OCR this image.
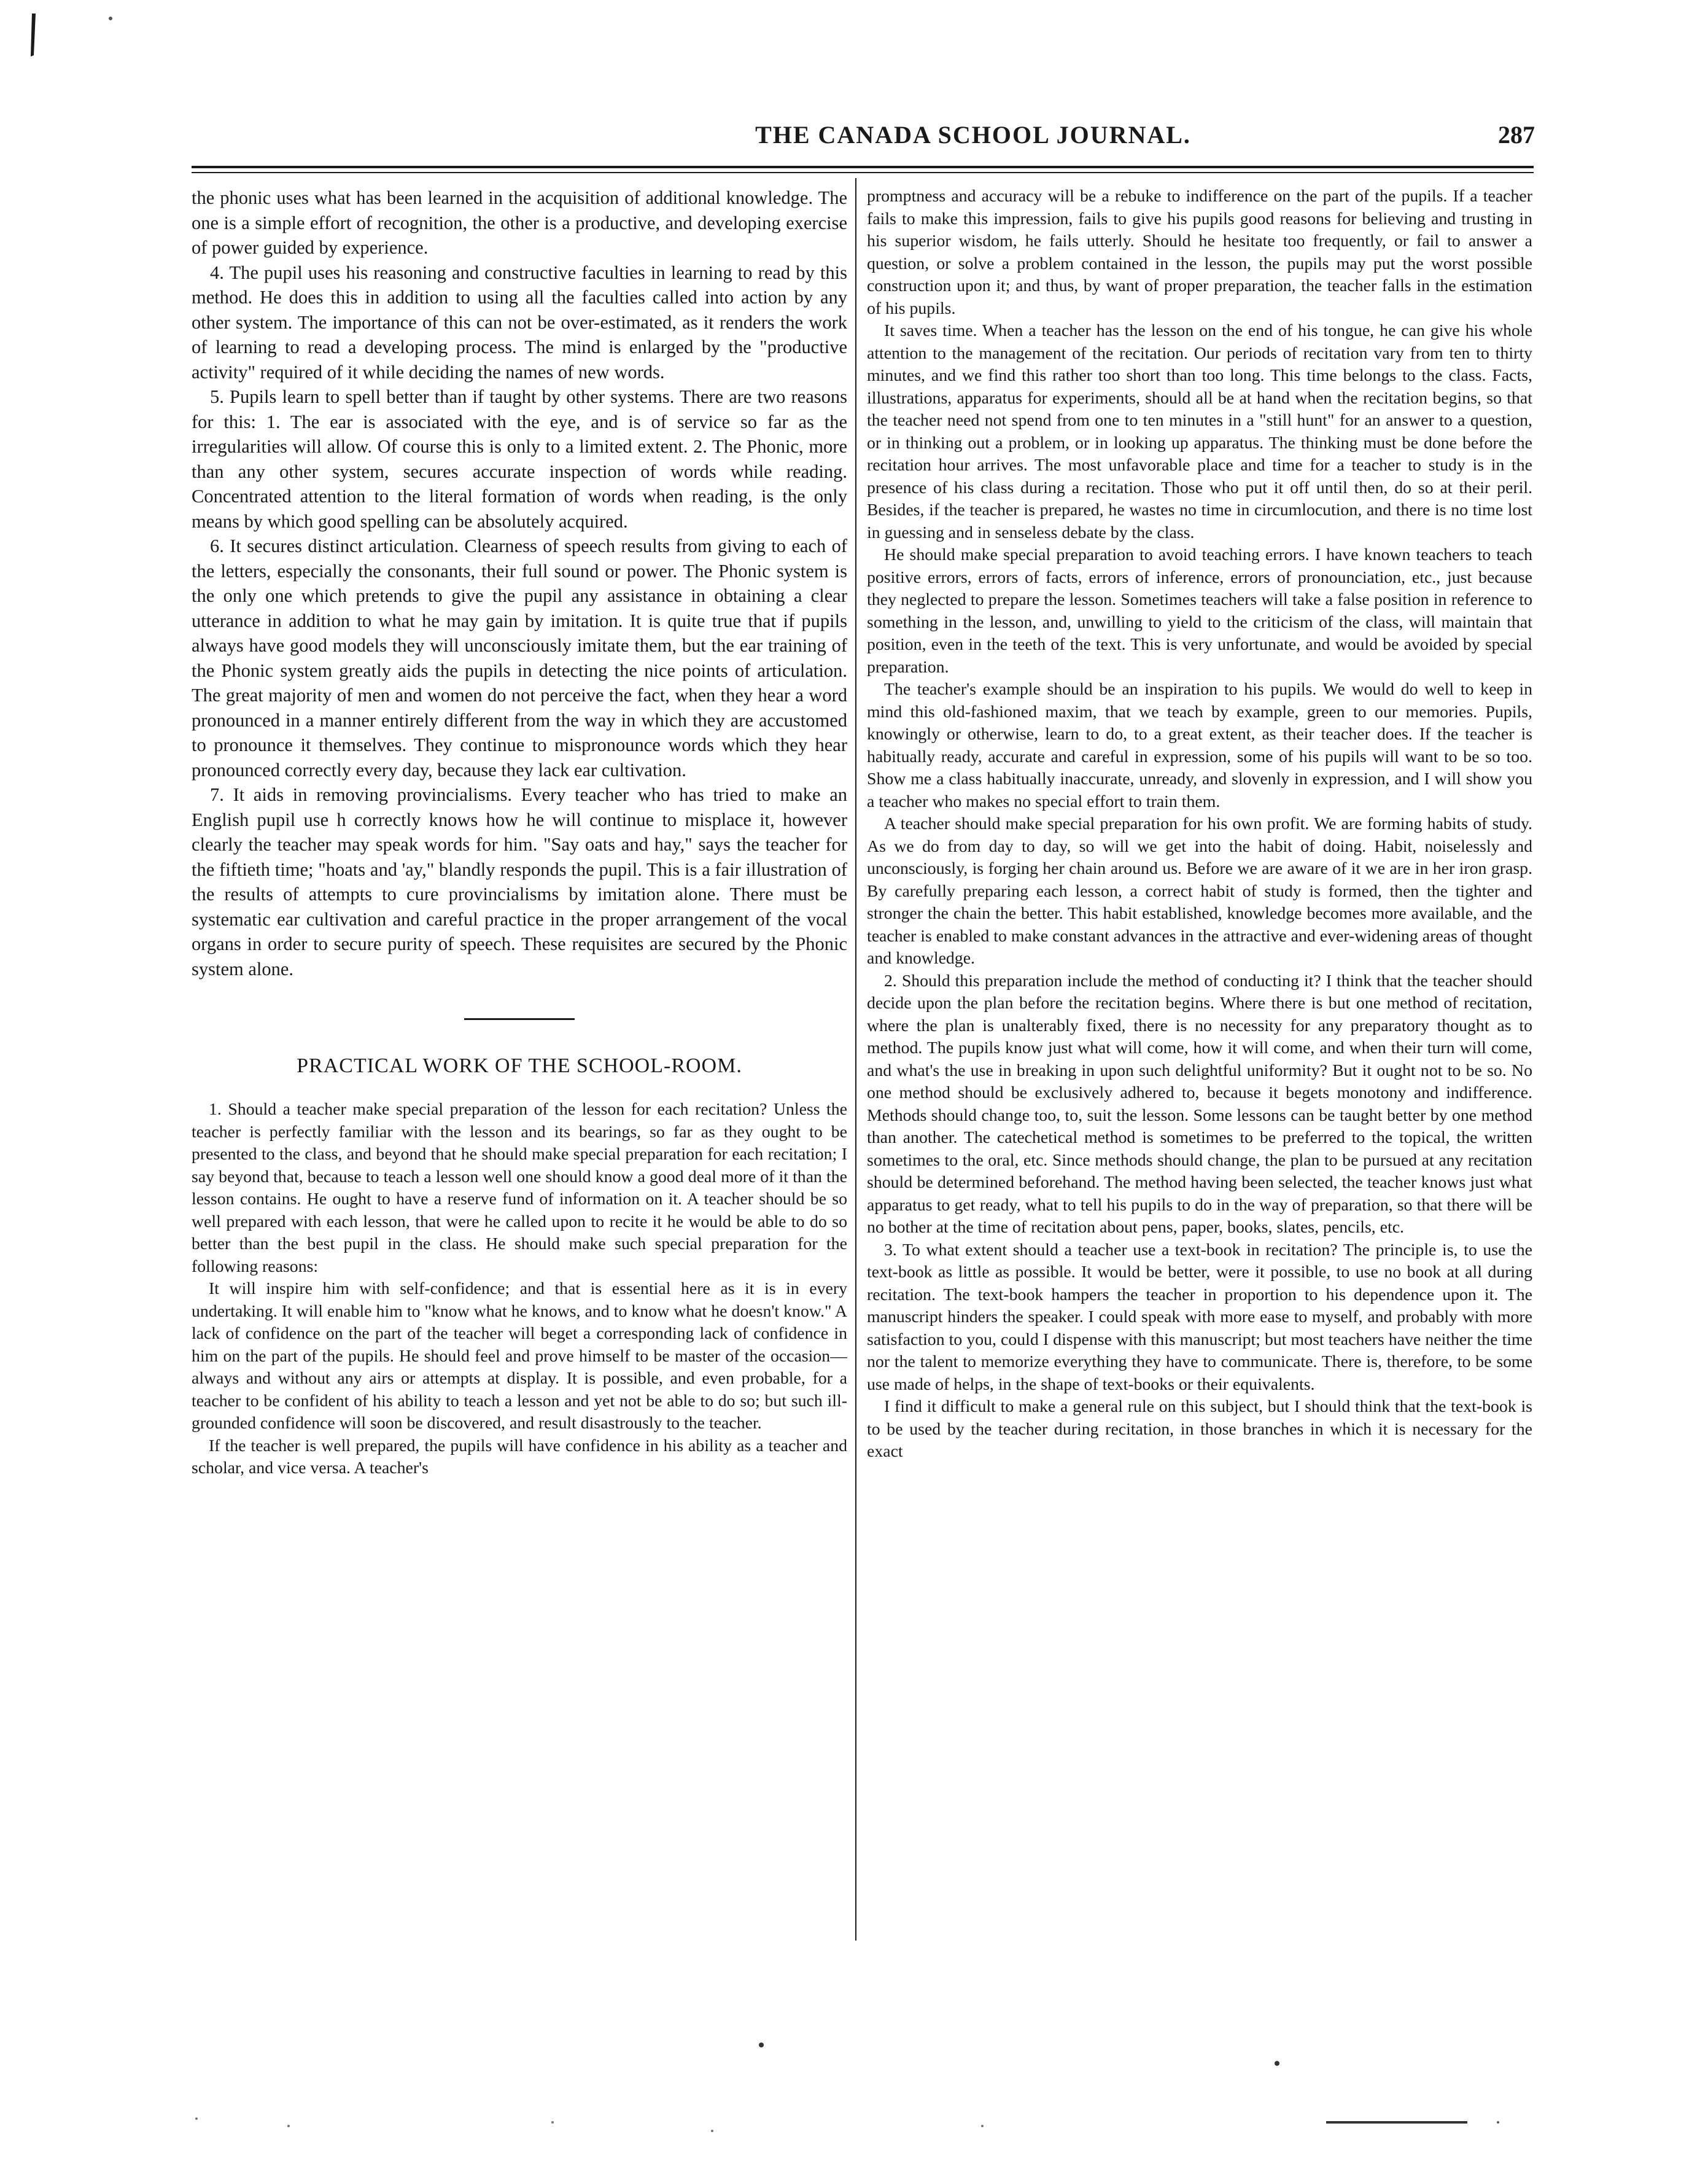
THE CANADA SCHOOL JOURNAL.	287

the phonic uses what has been learned in the acquisition of additional knowledge. The one is a simple effort of recognition, the other is a productive, and developing exercise of power guided by experience.

4. The pupil uses his reasoning and constructive faculties in learning to read by this method. He does this in addition to using all the faculties called into action by any other system. The importance of this can not be over-estimated, as it renders the work of learning to read a developing process. The mind is enlarged by the "productive activity" required of it while deciding the names of new words.

5. Pupils learn to spell better than if taught by other systems. There are two reasons for this: 1. The ear is associated with the eye, and is of service so far as the irregularities will allow. Of course this is only to a limited extent. 2. The Phonic, more than any other system, secures accurate inspection of words while reading. Concentrated attention to the literal formation of words when reading, is the only means by which good spelling can be absolutely acquired.

6. It secures distinct articulation. Clearness of speech results from giving to each of the letters, especially the consonants, their full sound or power. The Phonic system is the only one which pretends to give the pupil any assistance in obtaining a clear utterance in addition to what he may gain by imitation. It is quite true that if pupils always have good models they will unconsciously imitate them, but the ear training of the Phonic system greatly aids the pupils in detecting the nice points of articulation. The great majority of men and women do not perceive the fact, when they hear a word pronounced in a manner entirely different from the way in which they are accustomed to pronounce it themselves. They continue to mispronounce words which they hear pronounced correctly every day, because they lack ear cultivation.

7. It aids in removing provincialisms. Every teacher who has tried to make an English pupil use h correctly knows how he will continue to misplace it, however clearly the teacher may speak words for him. "Say oats and hay," says the teacher for the fiftieth time; "hoats and 'ay," blandly responds the pupil. This is a fair illustration of the results of attempts to cure provincialisms by imitation alone. There must be systematic ear cultivation and careful practice in the proper arrangement of the vocal organs in order to secure purity of speech. These requisites are secured by the Phonic system alone.

PRACTICAL WORK OF THE SCHOOL-ROOM.

1. Should a teacher make special preparation of the lesson for each recitation? Unless the teacher is perfectly familiar with the lesson and its bearings, so far as they ought to be presented to the class, and beyond that he should make special preparation for each recitation; I say beyond that, because to teach a lesson well one should know a good deal more of it than the lesson contains. He ought to have a reserve fund of information on it. A teacher should be so well prepared with each lesson, that were he called upon to recite it he would be able to do so better than the best pupil in the class. He should make such special preparation for the following reasons:

It will inspire him with self-confidence; and that is essential here as it is in every undertaking. It will enable him to "know what he knows, and to know what he doesn't know." A lack of confidence on the part of the teacher will beget a corresponding lack of confidence in him on the part of the pupils. He should feel and prove himself to be master of the occasion—always and without any airs or attempts at display. It is possible, and even probable, for a teacher to be confident of his ability to teach a lesson and yet not be able to do so; but such ill-grounded confidence will soon be discovered, and result disastrously to the teacher.

If the teacher is well prepared, the pupils will have confidence in his ability as a teacher and scholar, and vice versa. A teacher's

promptness and accuracy will be a rebuke to indifference on the part of the pupils. If a teacher fails to make this impression, fails to give his pupils good reasons for believing and trusting in his superior wisdom, he fails utterly. Should he hesitate too frequently, or fail to answer a question, or solve a problem contained in the lesson, the pupils may put the worst possible construction upon it; and thus, by want of proper preparation, the teacher falls in the estimation of his pupils.

It saves time. When a teacher has the lesson on the end of his tongue, he can give his whole attention to the management of the recitation. Our periods of recitation vary from ten to thirty minutes, and we find this rather too short than too long. This time belongs to the class. Facts, illustrations, apparatus for experiments, should all be at hand when the recitation begins, so that the teacher need not spend from one to ten minutes in a "still hunt" for an answer to a question, or in thinking out a problem, or in looking up apparatus. The thinking must be done before the recitation hour arrives. The most unfavorable place and time for a teacher to study is in the presence of his class during a recitation. Those who put it off until then, do so at their peril. Besides, if the teacher is prepared, he wastes no time in circumlocution, and there is no time lost in guessing and in senseless debate by the class.

He should make special preparation to avoid teaching errors. I have known teachers to teach positive errors, errors of facts, errors of inference, errors of pronounciation, etc., just because they neglected to prepare the lesson. Sometimes teachers will take a false position in reference to something in the lesson, and, unwilling to yield to the criticism of the class, will maintain that position, even in the teeth of the text. This is very unfortunate, and would be avoided by special preparation.

The teacher's example should be an inspiration to his pupils. We would do well to keep in mind this old-fashioned maxim, that we teach by example, green to our memories. Pupils, knowingly or otherwise, learn to do, to a great extent, as their teacher does. If the teacher is habitually ready, accurate and careful in expression, some of his pupils will want to be so too. Show me a class habitually inaccurate, unready, and slovenly in expression, and I will show you a teacher who makes no special effort to train them.

A teacher should make special preparation for his own profit. We are forming habits of study. As we do from day to day, so will we get into the habit of doing. Habit, noiselessly and unconsciously, is forging her chain around us. Before we are aware of it we are in her iron grasp. By carefully preparing each lesson, a correct habit of study is formed, then the tighter and stronger the chain the better. This habit established, knowledge becomes more available, and the teacher is enabled to make constant advances in the attractive and ever-widening areas of thought and knowledge.

2. Should this preparation include the method of conducting it? I think that the teacher should decide upon the plan before the recitation begins. Where there is but one method of recitation, where the plan is unalterably fixed, there is no necessity for any preparatory thought as to method. The pupils know just what will come, how it will come, and when their turn will come, and what's the use in breaking in upon such delightful uniformity? But it ought not to be so. No one method should be exclusively adhered to, because it begets monotony and indifference. Methods should change too, to, suit the lesson. Some lessons can be taught better by one method than another. The catechetical method is sometimes to be preferred to the topical, the written sometimes to the oral, etc. Since methods should change, the plan to be pursued at any recitation should be determined beforehand. The method having been selected, the teacher knows just what apparatus to get ready, what to tell his pupils to do in the way of preparation, so that there will be no bother at the time of recitation about pens, paper, books, slates, pencils, etc.

3. To what extent should a teacher use a text-book in recitation? The principle is, to use the text-book as little as possible. It would be better, were it possible, to use no book at all during recitation. The text-book hampers the teacher in proportion to his dependence upon it. The manuscript hinders the speaker. I could speak with more ease to myself, and probably with more satisfaction to you, could I dispense with this manuscript; but most teachers have neither the time nor the talent to memorize everything they have to communicate. There is, therefore, to be some use made of helps, in the shape of text-books or their equivalents.

I find it difficult to make a general rule on this subject, but I should think that the text-book is to be used by the teacher during recitation, in those branches in which it is necessary for the exact
